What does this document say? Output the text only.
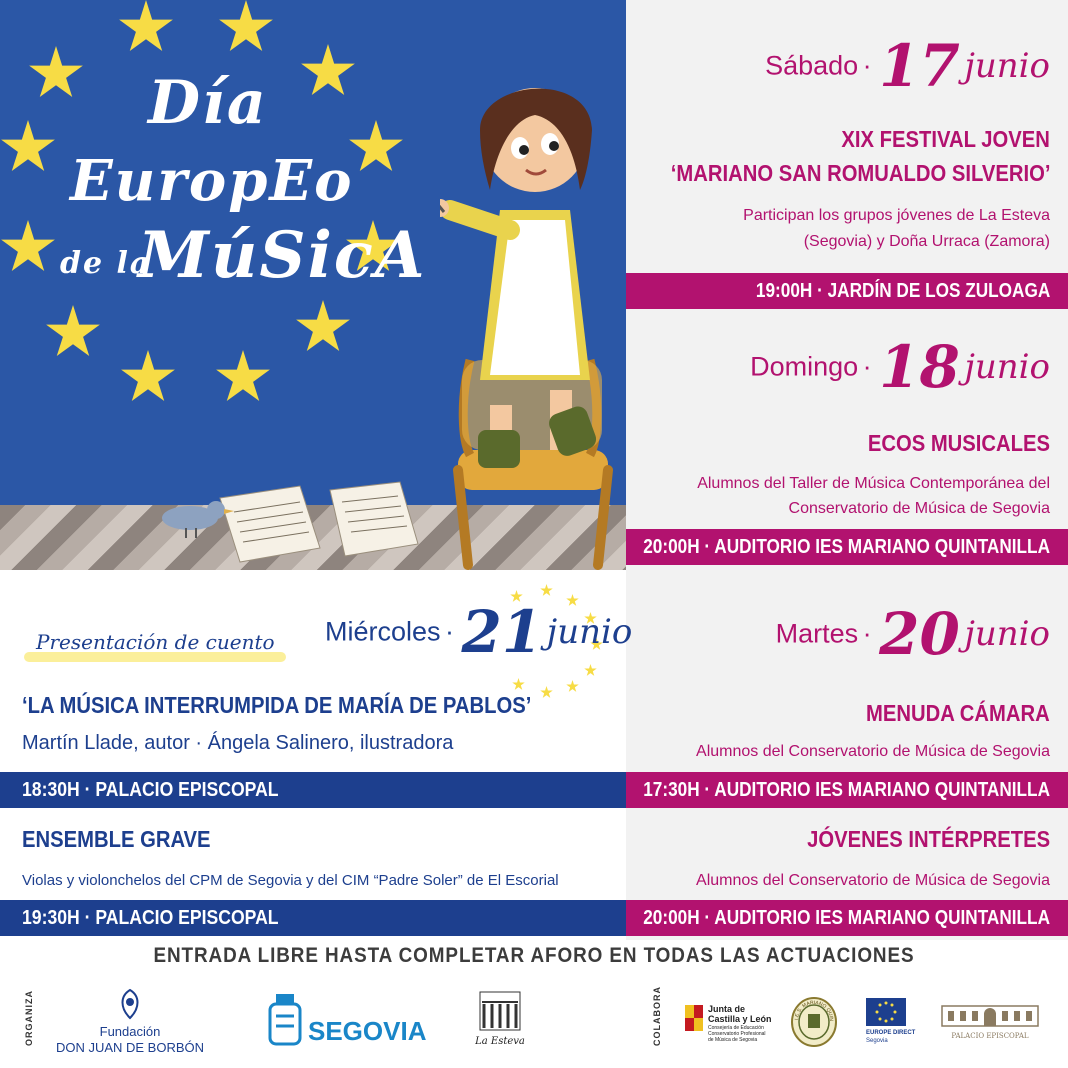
Día
EuropEo
de la
MúSicA
Sábado · 17 junio
XIX FESTIVAL JOVEN
‘MARIANO SAN ROMUALDO SILVERIO’
Participan los grupos jóvenes de La Esteva
(Segovia) y Doña Urraca (Zamora)
19:00H · JARDÍN DE LOS ZULOAGA
Domingo · 18 junio
ECOS MUSICALES
Alumnos del Taller de Música Contemporánea del
Conservatorio de Música de Segovia
20:00H · AUDITORIO IES MARIANO QUINTANILLA
Martes · 20 junio
MENUDA CÁMARA
Alumnos del Conservatorio de Música de Segovia
17:30H · AUDITORIO IES MARIANO QUINTANILLA
JÓVENES INTÉRPRETES
Alumnos del Conservatorio de Música de Segovia
20:00H · AUDITORIO IES MARIANO QUINTANILLA
Presentación de cuento Miércoles · 21 junio
‘LA MÚSICA INTERRUMPIDA DE MARÍA DE PABLOS’
Martín Llade, autor · Ángela Salinero, ilustradora
18:30H · PALACIO EPISCOPAL
ENSEMBLE GRAVE
Violas y violonchelos del CPM de Segovia y del CIM “Padre Soler” de El Escorial
19:30H · PALACIO EPISCOPAL
ENTRADA LIBRE HASTA COMPLETAR AFORO EN TODAS LAS ACTUACIONES
ORGANIZA	COLABORA
Fundación
DON JUAN DE BORBÓN
SEGOVIA	La Esteva
Junta de
Castilla y León
Consejería de Educación
Conservatorio Profesional
de Música de Segovia
I.E.S. MARIANO QUIN
EUROPE DIRECT
Segovia
PALACIO EPISCOPAL
